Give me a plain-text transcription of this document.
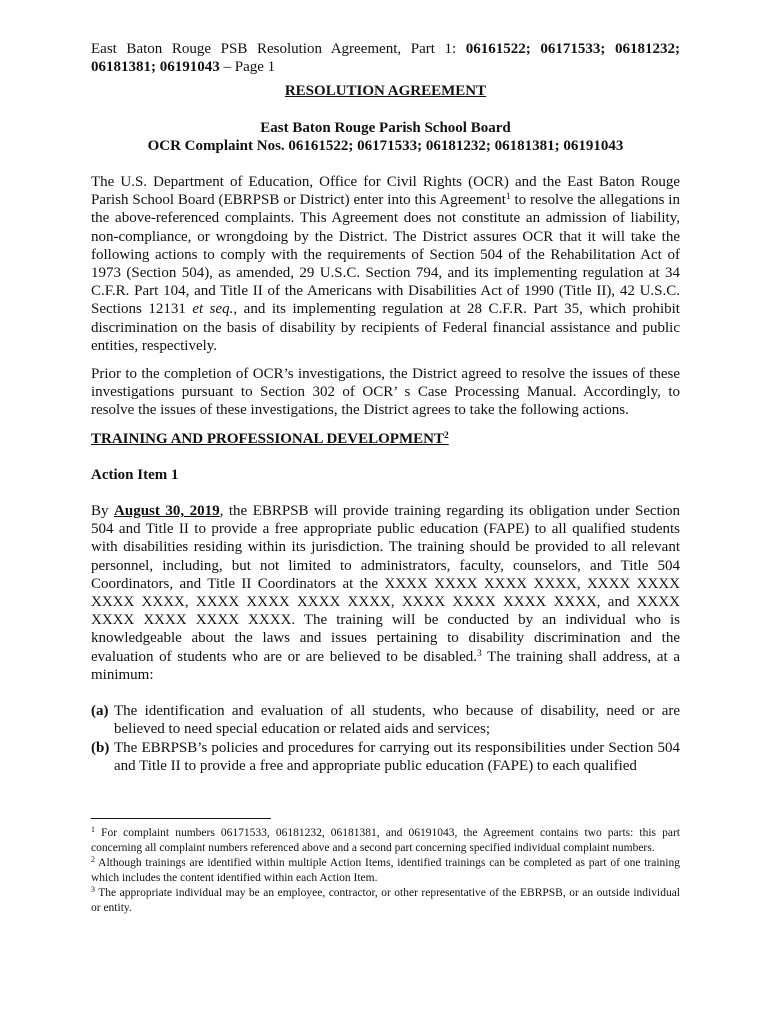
East Baton Rouge PSB Resolution Agreement, Part 1: 06161522; 06171533; 06181232; 06181381; 06191043 – Page 1

RESOLUTION AGREEMENT

East Baton Rouge Parish School Board

OCR Complaint Nos. 06161522; 06171533; 06181232; 06181381; 06191043

The U.S. Department of Education, Office for Civil Rights (OCR) and the East Baton Rouge Parish School Board (EBRPSB or District) enter into this Agreement$^1$ to resolve the allegations in the above-referenced complaints. This Agreement does not constitute an admission of liability, non-compliance, or wrongdoing by the District. The District assures OCR that it will take the following actions to comply with the requirements of Section 504 of the Rehabilitation Act of 1973 (Section 504), as amended, 29 U.S.C. Section 794, and its implementing regulation at 34 C.F.R. Part 104, and Title II of the Americans with Disabilities Act of 1990 (Title II), 42 U.S.C. Sections 12131 et seq., and its implementing regulation at 28 C.F.R. Part 35, which prohibit discrimination on the basis of disability by recipients of Federal financial assistance and public entities, respectively.

Prior to the completion of OCR’s investigations, the District agreed to resolve the issues of these investigations pursuant to Section 302 of OCR’ s Case Processing Manual. Accordingly, to resolve the issues of these investigations, the District agrees to take the following actions.

TRAINING AND PROFESSIONAL DEVELOPMENT$^2$

Action Item 1

By August 30, 2019, the EBRPSB will provide training regarding its obligation under Section 504 and Title II to provide a free appropriate public education (FAPE) to all qualified students with disabilities residing within its jurisdiction. The training should be provided to all relevant personnel, including, but not limited to administrators, faculty, counselors, and Title 504 Coordinators, and Title II Coordinators at the XXXX XXXX XXXX XXXX, XXXX XXXX XXXX XXXX, XXXX XXXX XXXX XXXX, XXXX XXXX XXXX XXXX, and XXXX XXXX XXXX XXXX XXXX. The training will be conducted by an individual who is knowledgeable about the laws and issues pertaining to disability discrimination and the evaluation of students who are or are believed to be disabled.$^3$ The training shall address, at a minimum:

(a) The identification and evaluation of all students, who because of disability, need or are believed to need special education or related aids and services;

(b) The EBRPSB’s policies and procedures for carrying out its responsibilities under Section 504 and Title II to provide a free and appropriate public education (FAPE) to each qualified

$^1$ For complaint numbers 06171533, 06181232, 06181381, and 06191043, the Agreement contains two parts: this part concerning all complaint numbers referenced above and a second part concerning specified individual complaint numbers.

$^2$ Although trainings are identified within multiple Action Items, identified trainings can be completed as part of one training which includes the content identified within each Action Item.

$^3$ The appropriate individual may be an employee, contractor, or other representative of the EBRPSB, or an outside individual or entity.
